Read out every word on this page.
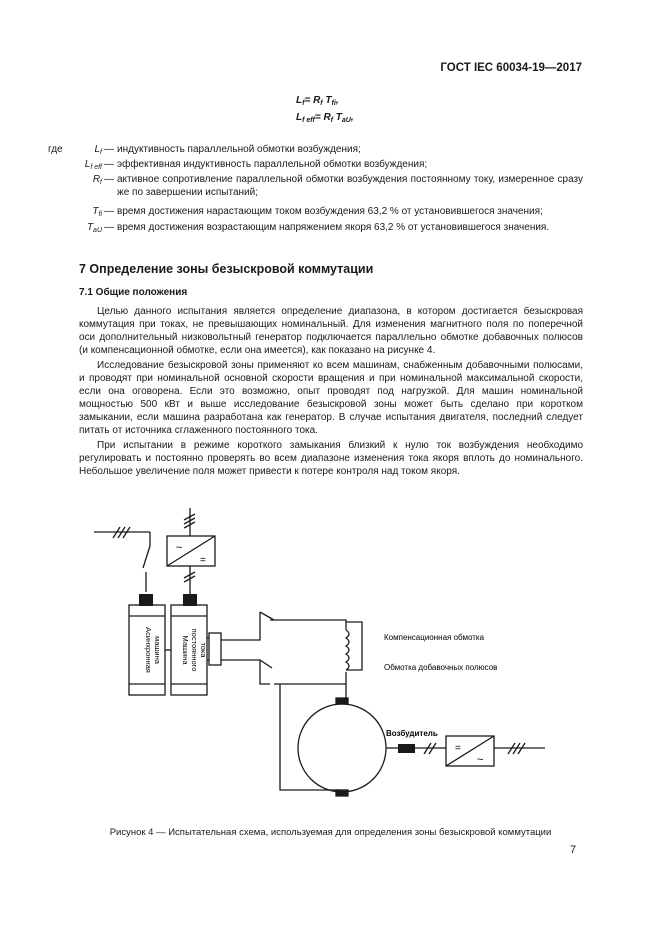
ГОСТ IEC 60034-19—2017
$L_f= R_f$ $T_{fi}$,
$L_{f eff}= R_f$ $T_{aU}$,
где	$L_f$ — индуктивность параллельной обмотки возбуждения;
$L_{f eff}$ — эффективная индуктивность параллельной обмотки возбуждения;
$R_f$ — активное сопротивление параллельной обмотки возбуждения постоянному току, измеренное сразу же по завершении испытаний;
$T_{fi}$ — время достижения нарастающим током возбуждения 63,2 % от установившегося значения;
$T_{aU}$ — время достижения возрастающим напряжением якоря 63,2 % от установившегося значения.
7 Определение зоны безыскровой коммутации
7.1 Общие положения

Целью данного испытания является определение диапазона, в котором достигается безыскровая коммутация при токах, не превышающих номинальный. Для изменения магнитного поля по поперечной оси дополнительный низковольтный генератор подключается параллельно обмотке добавочных полюсов (и компенсационной обмотке, если она имеется), как показано на рисунке 4.

Исследование безыскровой зоны применяют ко всем машинам, снабженным добавочными полюсами, и проводят при номинальной основной скорости вращения и при номинальной максимальной скорости, если она оговорена. Если это возможно, опыт проводят под нагрузкой. Для машин номинальной мощностью 500 кВт и выше исследование безыскровой зоны может быть сделано при коротком замыкании, если машина разработана как генератор. В случае испытания двигателя, последний следует питать от источника сглаженного постоянного тока.

При испытании в режиме короткого замыкания близкий к нулю ток возбуждения необходимо регулировать и постоянно проверять во всем диапазоне изменения тока якоря вплоть до номинального. Небольшое увеличение поля может привести к потере контроля над током якоря.

~
=
=
~
Асинхронная машина	Машина постоянного тока
Компенсационная обмотка
Обмотка добавочных полюсов
Возбудитель
Рисунок 4 — Испытательная схема, используемая для определения зоны безыскровой коммутации
7
